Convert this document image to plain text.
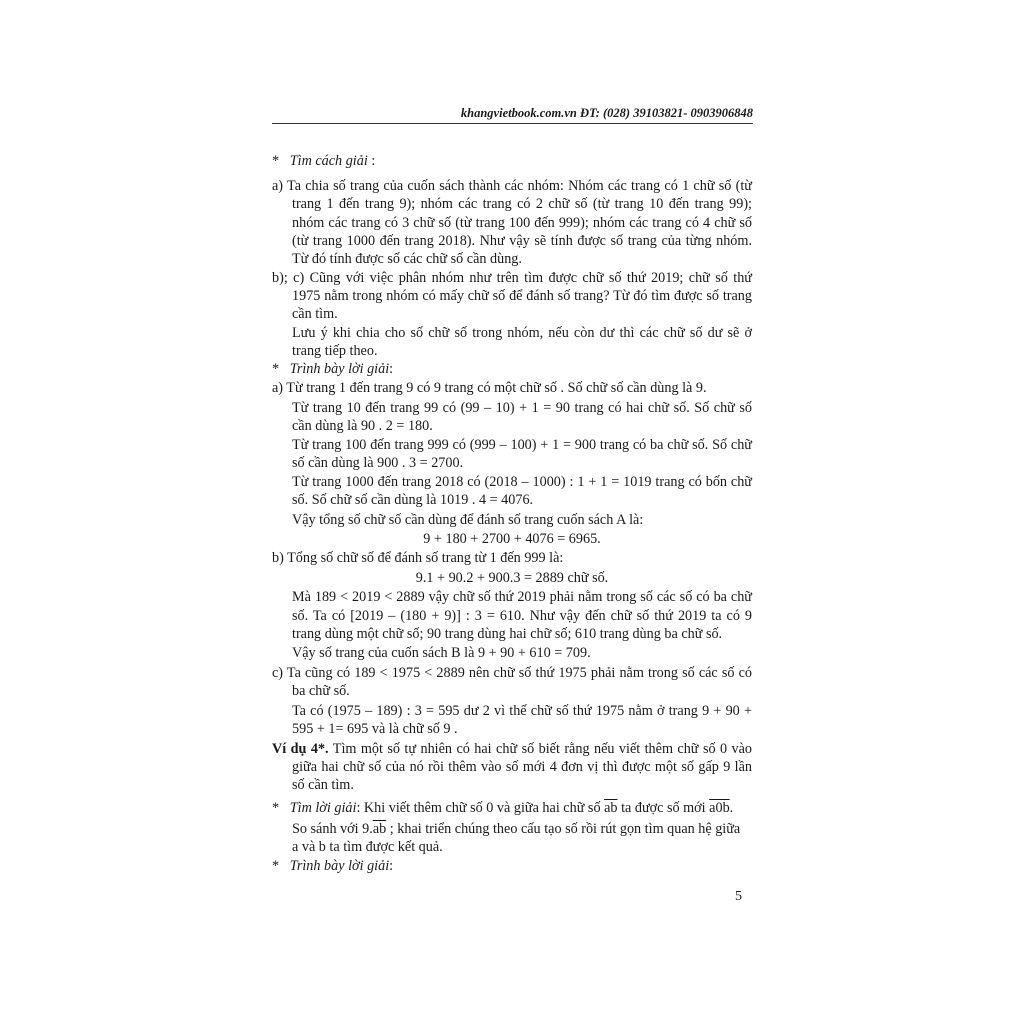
khangvietbook.com.vn ĐT: (028) 39103821- 0903906848
* Tìm cách giải :
a) Ta chia số trang của cuốn sách thành các nhóm: Nhóm các trang có 1 chữ số (từ
trang 1 đến trang 9); nhóm các trang có 2 chữ số (từ trang 10 đến trang 99);
nhóm các trang có 3 chữ số (từ trang 100 đến 999); nhóm các trang có 4 chữ số
(từ trang 1000 đến trang 2018). Như vậy sẽ tính được số trang của từng nhóm.
Từ đó tính được số các chữ số cần dùng.
b); c) Cũng với việc phân nhóm như trên tìm được chữ số thứ 2019; chữ số thứ
1975 nằm trong nhóm có mấy chữ số để đánh số trang? Từ đó tìm được số trang
cần tìm.
Lưu ý khi chia cho số chữ số trong nhóm, nếu còn dư thì các chữ số dư sẽ ở
trang tiếp theo.
* Trình bày lời giải:
a) Từ trang 1 đến trang 9 có 9 trang có một chữ số . Số chữ số cần dùng là 9.
Từ trang 10 đến trang 99 có (99 – 10) + 1 = 90 trang có hai chữ số. Số chữ số
cần dùng là 90 . 2 = 180.
Từ trang 100 đến trang 999 có (999 – 100) + 1 = 900 trang có ba chữ số. Số chữ
số cần dùng là 900 . 3 = 2700.
Từ trang 1000 đến trang 2018 có (2018 – 1000) : 1 + 1 = 1019 trang có bốn chữ
số. Số chữ số cần dùng là 1019 . 4 = 4076.
Vậy tổng số chữ số cần dùng để đánh số trang cuốn sách A là:
9 + 180 + 2700 + 4076 = 6965.
b) Tổng số chữ số để đánh số trang từ 1 đến 999 là:
9.1 + 90.2 + 900.3 = 2889 chữ số.
Mà 189 < 2019 < 2889 vậy chữ số thứ 2019 phải nằm trong số các số có ba chữ
số. Ta có [2019 – (180 + 9)] : 3 = 610. Như vậy đến chữ số thứ 2019 ta có 9
trang dùng một chữ số; 90 trang dùng hai chữ số; 610 trang dùng ba chữ số.
Vậy số trang của cuốn sách B là 9 + 90 + 610 = 709.
c) Ta cũng có 189 < 1975 < 2889 nên chữ số thứ 1975 phải nằm trong số các số có
ba chữ số.
Ta có (1975 – 189) : 3 = 595 dư 2 vì thế chữ số thứ 1975 nằm ở trang 9 + 90 +
595 + 1= 695 và là chữ số 9 .
Ví dụ 4*. Tìm một số tự nhiên có hai chữ số biết rằng nếu viết thêm chữ số 0 vào
giữa hai chữ số của nó rồi thêm vào số mới 4 đơn vị thì được một số gấp 9 lần
số cần tìm.
* Tìm lời giải: Khi viết thêm chữ số 0 và giữa hai chữ số $\overline{ab}$ ta được số mới a0b.
So sánh với $9.\overline{ab}$ ; khai triển chúng theo cấu tạo số rồi rút gọn tìm quan hệ giữa
a và b ta tìm được kết quả.
* Trình bày lời giải:
5
